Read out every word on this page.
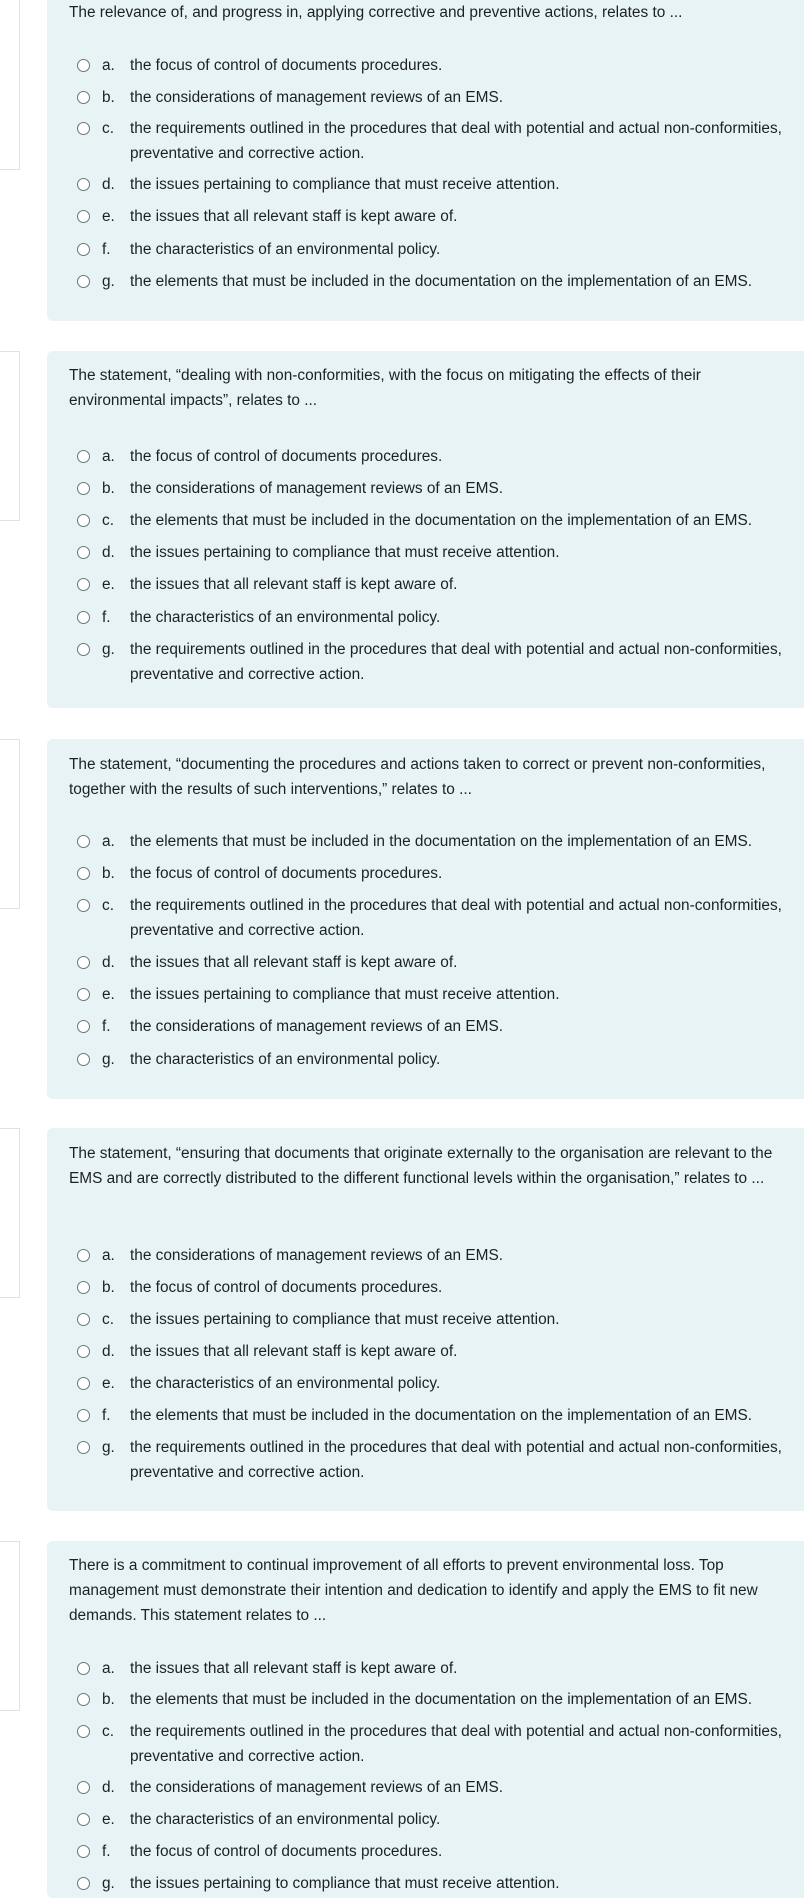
The relevance of, and progress in, applying corrective and preventive actions, relates to ...

a. the focus of control of documents procedures.
b. the considerations of management reviews of an EMS.
c. the requirements outlined in the procedures that deal with potential and actual non-conformities, preventative and corrective action.
d. the issues pertaining to compliance that must receive attention.
e. the issues that all relevant staff is kept aware of.
f. the characteristics of an environmental policy.
g. the elements that must be included in the documentation on the implementation of an EMS.

The statement, “dealing with non-conformities, with the focus on mitigating the effects of their environmental impacts”, relates to ...

a. the focus of control of documents procedures.
b. the considerations of management reviews of an EMS.
c. the elements that must be included in the documentation on the implementation of an EMS.
d. the issues pertaining to compliance that must receive attention.
e. the issues that all relevant staff is kept aware of.
f. the characteristics of an environmental policy.
g. the requirements outlined in the procedures that deal with potential and actual non-conformities, preventative and corrective action.

The statement, “documenting the procedures and actions taken to correct or prevent non-conformities, together with the results of such interventions,” relates to ...

a. the elements that must be included in the documentation on the implementation of an EMS.
b. the focus of control of documents procedures.
c. the requirements outlined in the procedures that deal with potential and actual non-conformities, preventative and corrective action.
d. the issues that all relevant staff is kept aware of.
e. the issues pertaining to compliance that must receive attention.
f. the considerations of management reviews of an EMS.
g. the characteristics of an environmental policy.

The statement, “ensuring that documents that originate externally to the organisation are relevant to the EMS and are correctly distributed to the different functional levels within the organisation,” relates to ...

a. the considerations of management reviews of an EMS.
b. the focus of control of documents procedures.
c. the issues pertaining to compliance that must receive attention.
d. the issues that all relevant staff is kept aware of.
e. the characteristics of an environmental policy.
f. the elements that must be included in the documentation on the implementation of an EMS.
g. the requirements outlined in the procedures that deal with potential and actual non-conformities, preventative and corrective action.

There is a commitment to continual improvement of all efforts to prevent environmental loss. Top management must demonstrate their intention and dedication to identify and apply the EMS to fit new demands. This statement relates to ...

a. the issues that all relevant staff is kept aware of.
b. the elements that must be included in the documentation on the implementation of an EMS.
c. the requirements outlined in the procedures that deal with potential and actual non-conformities, preventative and corrective action.
d. the considerations of management reviews of an EMS.
e. the characteristics of an environmental policy.
f. the focus of control of documents procedures.
g. the issues pertaining to compliance that must receive attention.
